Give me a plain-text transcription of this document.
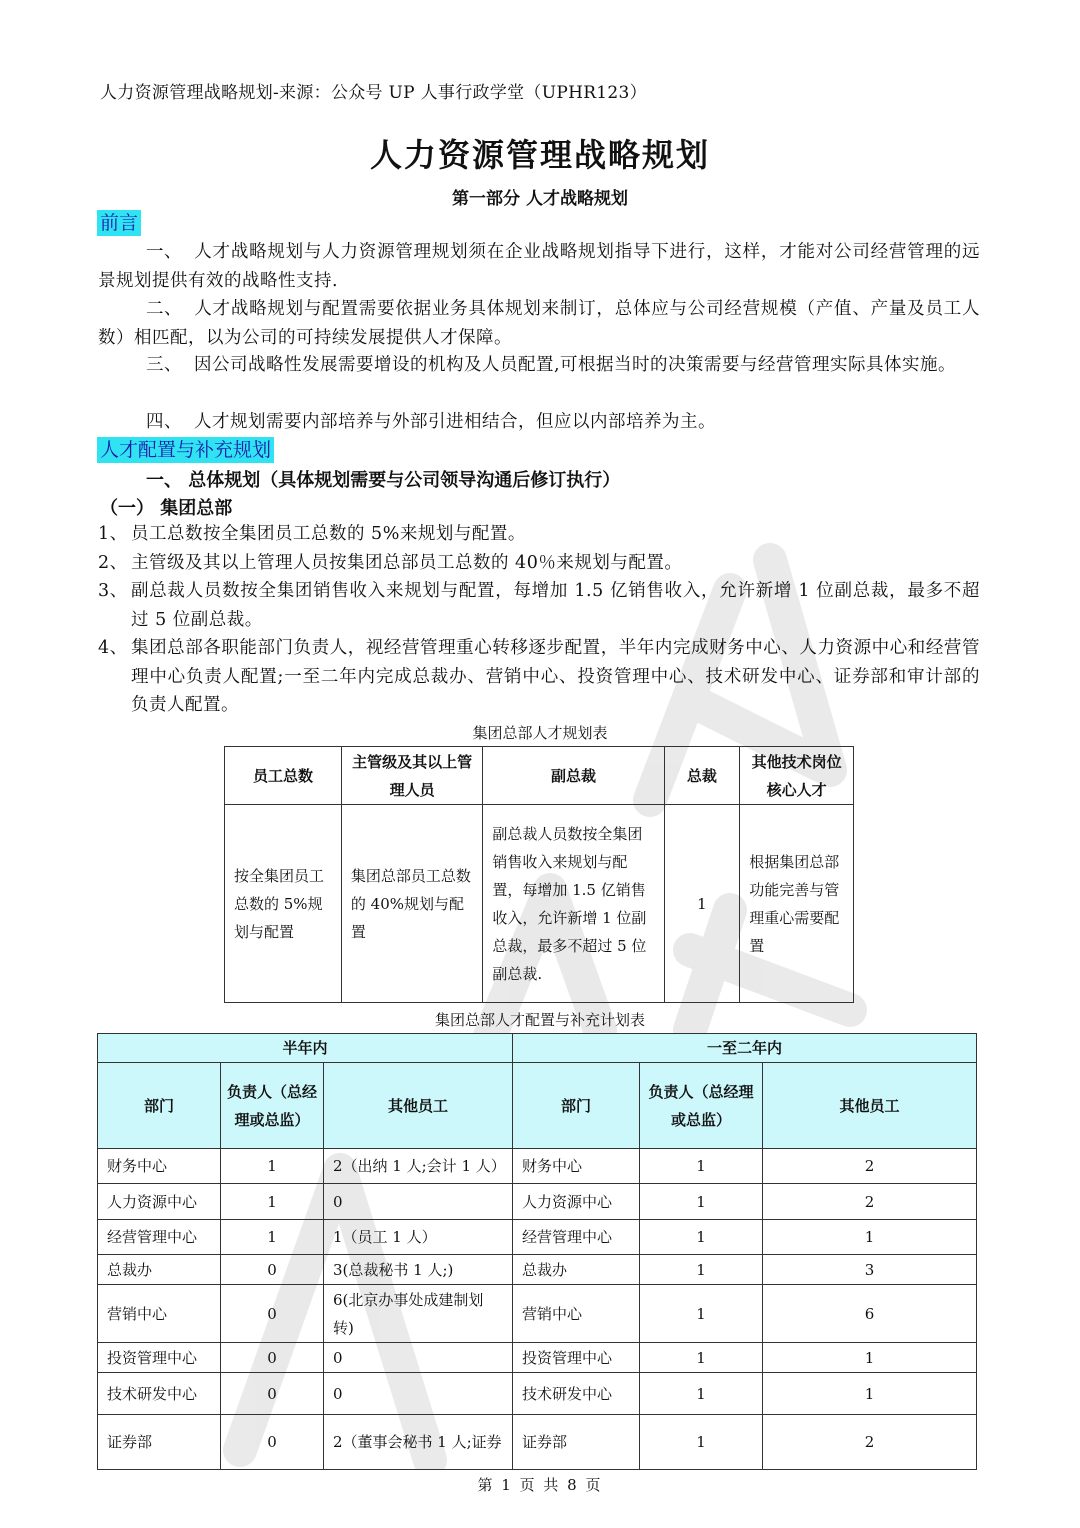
人力资源管理战略规划-来源：公众号 UP 人事行政学堂（UPHR123）
人力资源管理战略规划
第一部分 人才战略规划
前言
一、 人才战略规划与人力资源管理规划须在企业战略规划指导下进行，这样，才能对公司经营管理的远景规划提供有效的战略性支持.
二、 人才战略规划与配置需要依据业务具体规划来制订，总体应与公司经营规模（产值、产量及员工人数）相匹配，以为公司的可持续发展提供人才保障。
三、 因公司战略性发展需要增设的机构及人员配置,可根据当时的决策需要与经营管理实际具体实施。
四、 人才规划需要内部培养与外部引进相结合，但应以内部培养为主。
人才配置与补充规划
一、 总体规划（具体规划需要与公司领导沟通后修订执行）
（一） 集团总部
1、 员工总数按全集团员工总数的 5%来规划与配置。
2、 主管级及其以上管理人员按集团总部员工总数的 40％来规划与配置。
3、 副总裁人员数按全集团销售收入来规划与配置，每增加 1.5 亿销售收入，允许新增 1 位副总裁，最多不超过 5 位副总裁。
4、 集团总部各职能部门负责人，视经营管理重心转移逐步配置，半年内完成财务中心、人力资源中心和经营管理中心负责人配置;一至二年内完成总裁办、营销中心、投资管理中心、技术研发中心、证券部和审计部的负责人配置。
集团总部人才规划表
员工总数	主管级及其以上管理人员	副总裁	总裁	其他技术岗位核心人才
按全集团员工总数的 5%规划与配置	集团总部员工总数的 40%规划与配置	副总裁人员数按全集团销售收入来规划与配置，每增加 1.5 亿销售收入，允许新增 1 位副总裁，最多不超过 5 位副总裁.	1	根据集团总部功能完善与管理重心需要配置
集团总部人才配置与补充计划表
半年内			一至二年内		
部门	负责人（总经理或总监）	其他员工	部门	负责人（总经理或总监）	其他员工
财务中心	1	2（出纳 1 人;会计 1 人）	财务中心	1	2
人力资源中心	1	0	人力资源中心	1	2
经营管理中心	1	1（员工 1 人）	经营管理中心	1	1
总裁办	0	3(总裁秘书 1 人;)	总裁办	1	3
营销中心	0	6(北京办事处成建制划转)	营销中心	1	6
投资管理中心	0	0	投资管理中心	1	1
技术研发中心	0	0	技术研发中心	1	1
证券部	0	2（董事会秘书 1 人;证券	证券部	1	2
第 1 页 共 8 页
